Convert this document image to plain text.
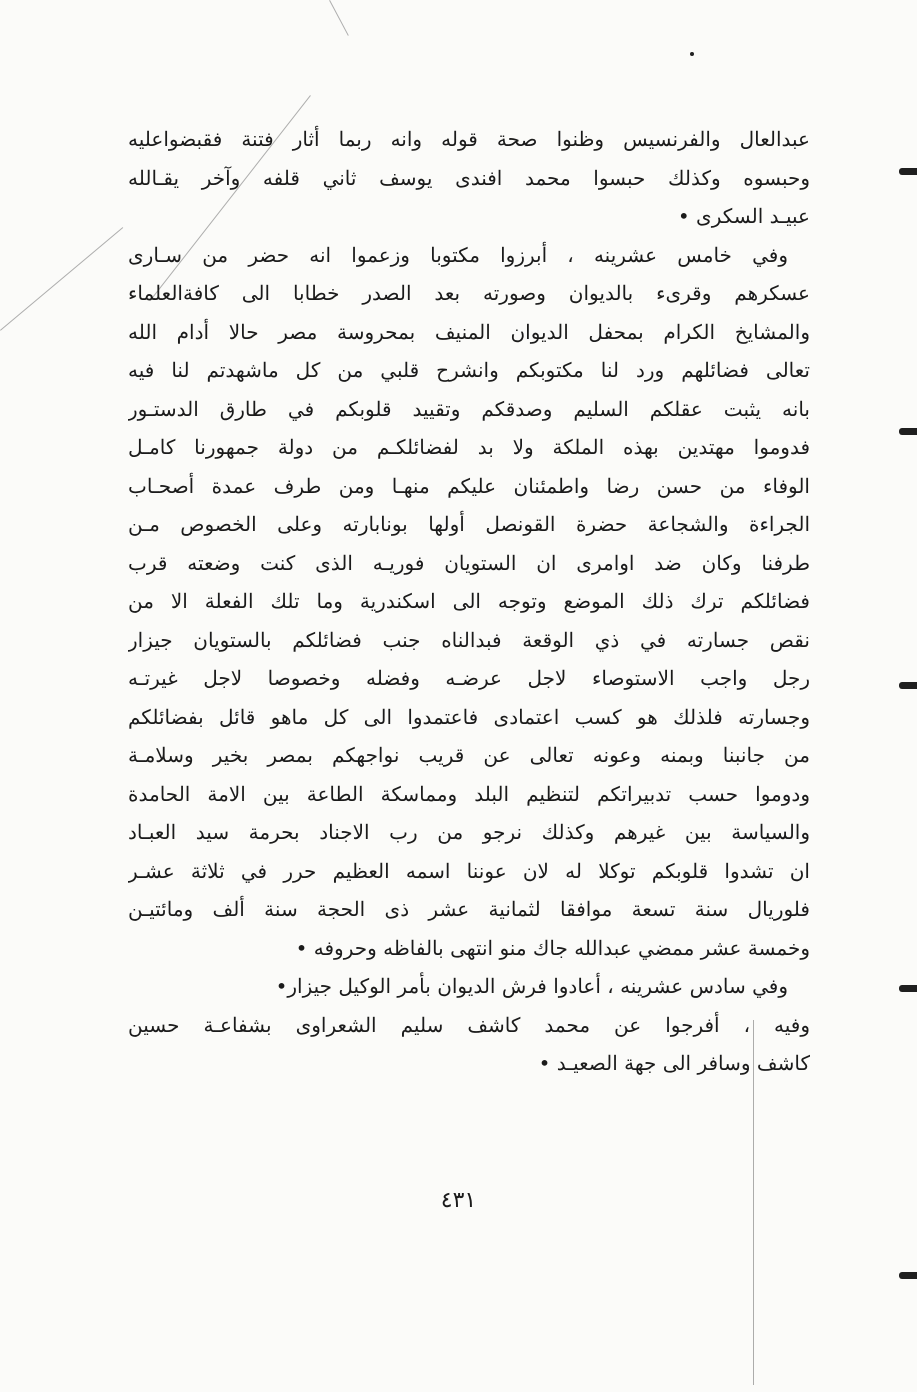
عبدالعال والفرنسيس وظنوا صحة قوله وانه ربما أثار فتنة فقبضواعليه
وحبسوه وكذلك حبسوا محمد افندى يوسف ثاني قلفه وآخر يقـالله
عبيـد السكرى •
وفي خامس عشرينه ، أبرزوا مكتوبا وزعموا انه حضر من سـارى
عسكرهم وقرىء بالديوان وصورته بعد الصدر خطابا الى كافةالعلماء
والمشايخ الكرام بمحفل الديوان المنيف بمحروسة مصر حالا أدام الله
تعالى فضائلهم ورد لنا مكتوبكم وانشرح قلبي من كل ماشهدتم لنا فيه
بانه يثبت عقلكم السليم وصدقكم وتقييد قلوبكم في طارق الدستـور
فدوموا مهتدين بهذه الملكة ولا بد لفضائلكـم من دولة جمهورنا كامـل
الوفاء من حسن رضا واطمئنان عليكم منهـا ومن طرف عمدة أصحـاب
الجراءة والشجاعة حضرة القونصل أولها بونابارته وعلى الخصوص مـن
طرفنا وكان ضد اوامرى ان الستويان فوريـه الذى كنت وضعته قرب
فضائلكم ترك ذلك الموضع وتوجه الى اسكندرية وما تلك الفعلة الا من
نقص جسارته في ذي الوقعة فبدالناه جنب فضائلكم بالستويان جيزار
رجل واجب الاستوصاء لاجل عرضـه وفضله وخصوصا لاجل غيرتـه
وجسارته فلذلك هو كسب اعتمادى فاعتمدوا الى كل ماهو قائل بفضائلكم
من جانبنا وبمنه وعونه تعالى عن قريب نواجهكم بمصر بخير وسلامـة
ودوموا حسب تدبيراتكم لتنظيم البلد ومماسكة الطاعة بين الامة الحامدة
والسياسة بين غيرهم وكذلك نرجو من رب الاجناد بحرمة سيد العبـاد
ان تشدوا قلوبكم توكلا له لان عوننا اسمه العظيم حرر في ثلاثة عشـر
فلوريال سنة تسعة موافقا لثمانية عشر ذى الحجة سنة ألف ومائتيـن
وخمسة عشر ممضي عبدالله جاك منو انتهى بالفاظه وحروفه •
وفي سادس عشرينه ، أعادوا فرش الديوان بأمر الوكيل جيزار•
وفيه ، أفرجوا عن محمد كاشف سليم الشعراوى بشفاعـة حسين
كاشف وسافر الى جهة الصعيـد •
٤٣١
